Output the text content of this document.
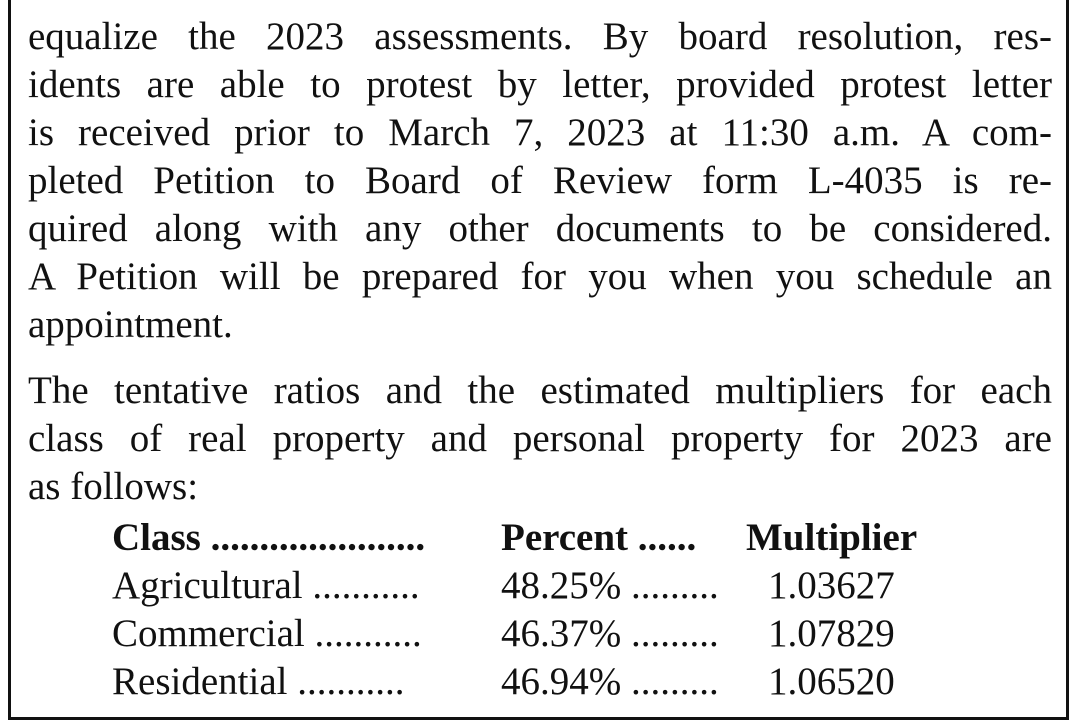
equalize the 2023 assessments. By board resolution, res-
idents are able to protest by letter, provided protest letter
is received prior to March 7, 2023 at 11:30 a.m. A com-
pleted Petition to Board of Review form L-4035 is re-
quired along with any other documents to be considered.
A Petition will be prepared for you when you schedule an
appointment.
The tentative ratios and the estimated multipliers for each
class of real property and personal property for 2023 are
as follows:
Class ...................... Percent ...... Multiplier
Agricultural ........... 48.25% ......... 1.03627
Commercial ........... 46.37% ......... 1.07829
Residential ........... 46.94% ......... 1.06520
